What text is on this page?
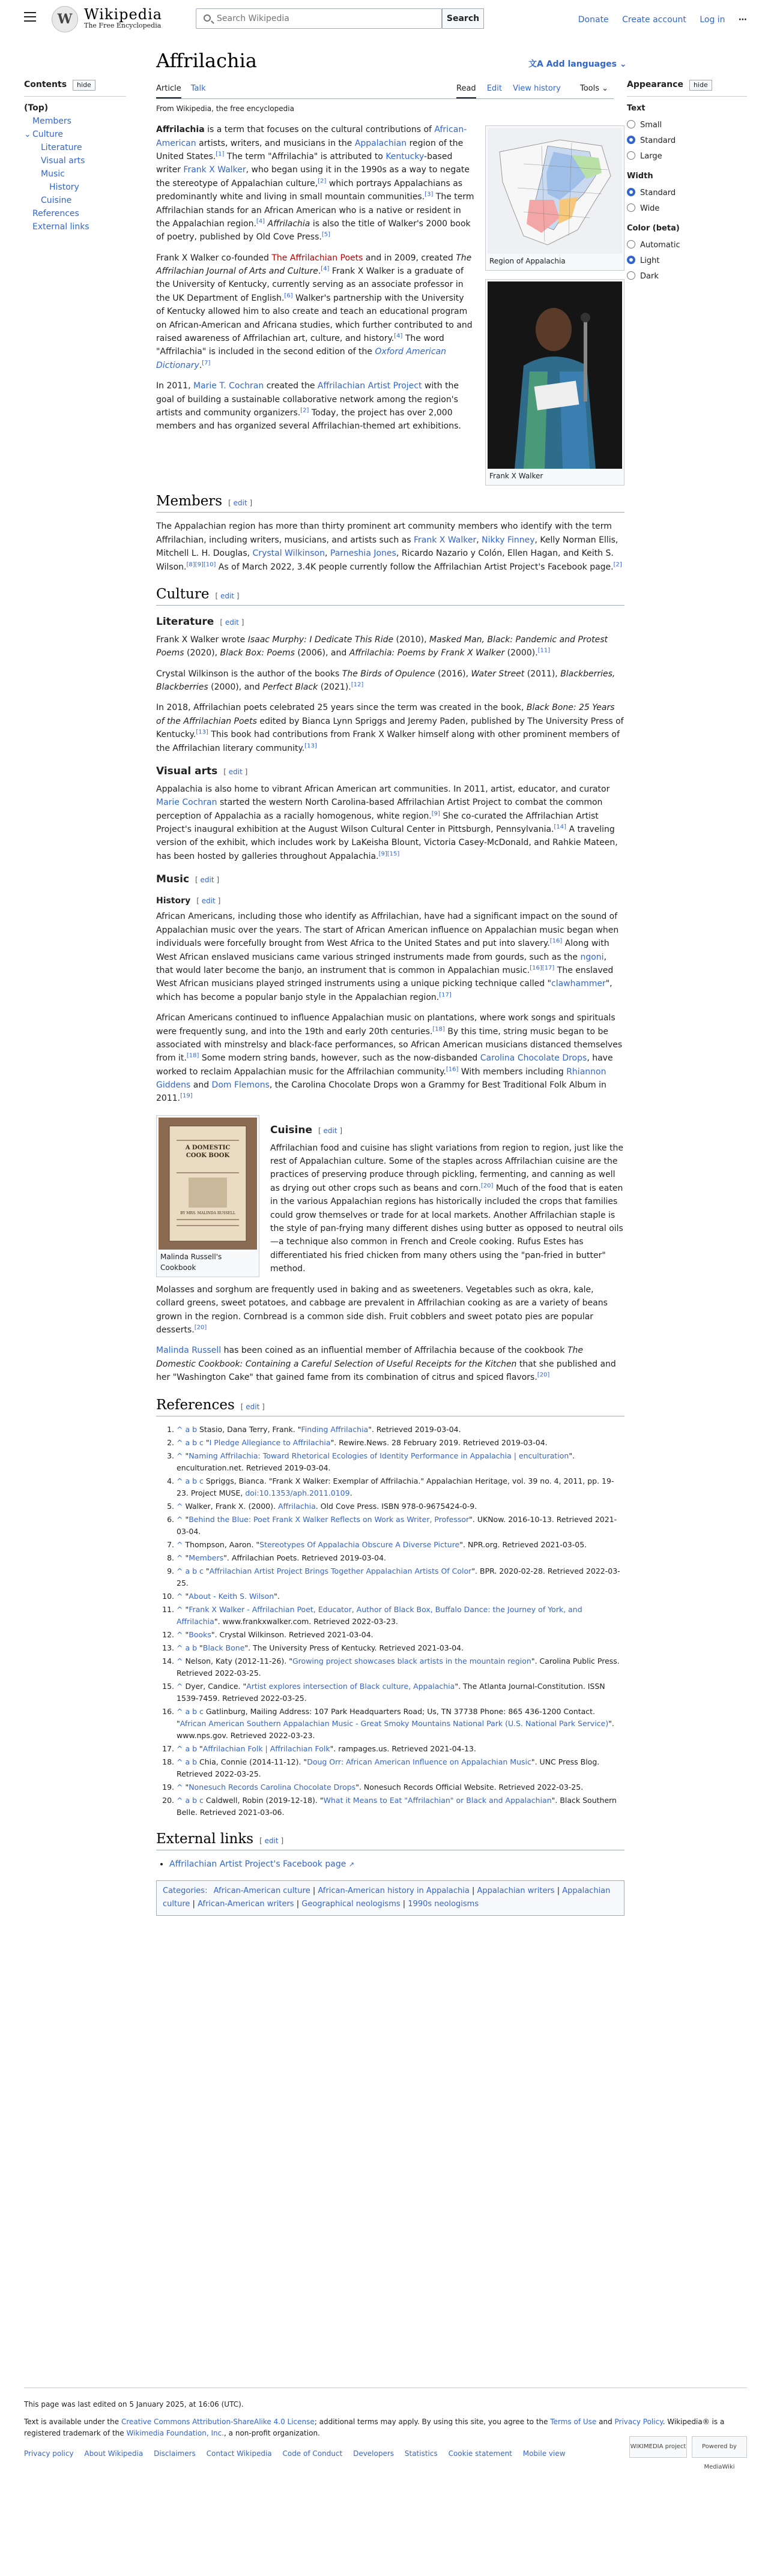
W Wikipedia
The Free Encyclopedia
Search Wikipedia
Search	Donate Create account Log in ⋯
Contents hide
(Top)
Members
⌄ Culture
Literature
Visual arts
Music
History
Cuisine
References
External links
Affrilachia	文A Add languages ⌄
Article Talk	Read Edit View history Tools ⌄ Appearance hide
Text
Small
Standard
Large
Width
Standard
Wide
Color (beta)
Automatic
Light
Dark
From Wikipedia, the free encyclopedia
Region of Appalachia

Affrilachia is a term that focuses on the cultural contributions of African-American artists, writers, and musicians in the Appalachian region of the United States.[1] The term "Affrilachia" is attributed to Kentucky-based writer Frank X Walker, who began using it in the 1990s as a way to negate the stereotype of Appalachian culture,[2] which portrays Appalachians as predominantly white and living in small mountain communities.[3] The term Affrilachian stands for an African American who is a native or resident in the Appalachian region.[4] Affrilachia is also the title of Walker's 2000 book of poetry, published by Old Cove Press.[5]

Frank X Walker

Frank X Walker co-founded The Affrilachian Poets and in 2009, created The Affrilachian Journal of Arts and Culture.[4] Frank X Walker is a graduate of the University of Kentucky, currently serving as an associate professor in the UK Department of English.[6] Walker's partnership with the University of Kentucky allowed him to also create and teach an educational program on African-American and Africana studies, which further contributed to and raised awareness of Affrilachian art, culture, and history.[4] The word "Affrilachia" is included in the second edition of the Oxford American Dictionary.[7]

In 2011, Marie T. Cochran created the Affrilachian Artist Project with the goal of building a sustainable collaborative network among the region's artists and community organizers.[2] Today, the project has over 2,000 members and has organized several Affrilachian-themed art exhibitions.

Members [ edit ]

The Appalachian region has more than thirty prominent art community members who identify with the term Affrilachian, including writers, musicians, and artists such as Frank X Walker, Nikky Finney, Kelly Norman Ellis, Mitchell L. H. Douglas, Crystal Wilkinson, Parneshia Jones, Ricardo Nazario y Colón, Ellen Hagan, and Keith S. Wilson.[8][9][10] As of March 2022, 3.4K people currently follow the Affrilachian Artist Project's Facebook page.[2]

Culture [ edit ]
Literature [ edit ]

Frank X Walker wrote Isaac Murphy: I Dedicate This Ride (2010), Masked Man, Black: Pandemic and Protest Poems (2020), Black Box: Poems (2006), and Affrilachia: Poems by Frank X Walker (2000).[11]

Crystal Wilkinson is the author of the books The Birds of Opulence (2016), Water Street (2011), Blackberries, Blackberries (2000), and Perfect Black (2021).[12]

In 2018, Affrilachian poets celebrated 25 years since the term was created in the book, Black Bone: 25 Years of the Affrilachian Poets edited by Bianca Lynn Spriggs and Jeremy Paden, published by The University Press of Kentucky.[13] This book had contributions from Frank X Walker himself along with other prominent members of the Affrilachian literary community.[13]

Visual arts [ edit ]

Appalachia is also home to vibrant African American art communities. In 2011, artist, educator, and curator Marie Cochran started the western North Carolina-based Affrilachian Artist Project to combat the common perception of Appalachia as a racially homogenous, white region.[9] She co-curated the Affrilachian Artist Project's inaugural exhibition at the August Wilson Cultural Center in Pittsburgh, Pennsylvania.[14] A traveling version of the exhibit, which includes work by LaKeisha Blount, Victoria Casey-McDonald, and Rahkie Mateen, has been hosted by galleries throughout Appalachia.[9][15]

Music [ edit ]
History [ edit ]

African Americans, including those who identify as Affrilachian, have had a significant impact on the sound of Appalachian music over the years. The start of African American influence on Appalachian music began when individuals were forcefully brought from West Africa to the United States and put into slavery.[16] Along with West African enslaved musicians came various stringed instruments made from gourds, such as the ngoni, that would later become the banjo, an instrument that is common in Appalachian music.[16][17] The enslaved West African musicians played stringed instruments using a unique picking technique called "clawhammer", which has become a popular banjo style in the Appalachian region.[17]

African Americans continued to influence Appalachian music on plantations, where work songs and spirituals were frequently sung, and into the 19th and early 20th centuries.[18] By this time, string music began to be associated with minstrelsy and black-face performances, so African American musicians distanced themselves from it.[18] Some modern string bands, however, such as the now-disbanded Carolina Chocolate Drops, have worked to reclaim Appalachian music for the Affrilachian community.[16] With members including Rhiannon Giddens and Dom Flemons, the Carolina Chocolate Drops won a Grammy for Best Traditional Folk Album in 2011.[19]

A DOMESTIC COOK BOOK
BY MRS. MALINDA RUSSELL
Malinda Russell's Cookbook
Cuisine [ edit ]

Affrilachian food and cuisine has slight variations from region to region, just like the rest of Appalachian culture. Some of the staples across Affrilachian cuisine are the practices of preserving produce through pickling, fermenting, and canning as well as drying out other crops such as beans and corn.[20] Much of the food that is eaten in the various Appalachian regions has historically included the crops that families could grow themselves or trade for at local markets. Another Affrilachian staple is the style of pan-frying many different dishes using butter as opposed to neutral oils—a technique also common in French and Creole cooking. Rufus Estes has differentiated his fried chicken from many others using the "pan-fried in butter" method.

Molasses and sorghum are frequently used in baking and as sweeteners. Vegetables such as okra, kale, collard greens, sweet potatoes, and cabbage are prevalent in Affrilachian cooking as are a variety of beans grown in the region. Cornbread is a common side dish. Fruit cobblers and sweet potato pies are popular desserts.[20]

Malinda Russell has been coined as an influential member of Affrilachia because of the cookbook The Domestic Cookbook: Containing a Careful Selection of Useful Receipts for the Kitchen that she published and her "Washington Cake" that gained fame from its combination of citrus and spiced flavors.[20]

References [ edit ]
1. ^ a b Stasio, Dana Terry, Frank. "Finding Affrilachia". Retrieved 2019-03-04.
2. ^ a b c "I Pledge Allegiance to Affrilachia". Rewire.News. 28 February 2019. Retrieved 2019-03-04.
3. ^ "Naming Affrilachia: Toward Rhetorical Ecologies of Identity Performance in Appalachia | enculturation". enculturation.net. Retrieved 2019-03-04.
4. ^ a b c Spriggs, Bianca. "Frank X Walker: Exemplar of Affrilachia." Appalachian Heritage, vol. 39 no. 4, 2011, pp. 19-23. Project MUSE, doi:10.1353/aph.2011.0109.
5. ^ Walker, Frank X. (2000). Affrilachia. Old Cove Press. ISBN 978-0-9675424-0-9.
6. ^ "Behind the Blue: Poet Frank X Walker Reflects on Work as Writer, Professor". UKNow. 2016-10-13. Retrieved 2021-03-04.
7. ^ Thompson, Aaron. "Stereotypes Of Appalachia Obscure A Diverse Picture". NPR.org. Retrieved 2021-03-05.
8. ^ "Members". Affrilachian Poets. Retrieved 2019-03-04.
9. ^ a b c "Affrilachian Artist Project Brings Together Appalachian Artists Of Color". BPR. 2020-02-28. Retrieved 2022-03-25.
10. ^ "About - Keith S. Wilson".
11. ^ "Frank X Walker - Affrilachian Poet, Educator, Author of Black Box, Buffalo Dance: the Journey of York, and Affrilachia". www.frankxwalker.com. Retrieved 2022-03-23.
12. ^ "Books". Crystal Wilkinson. Retrieved 2021-03-04.
13. ^ a b "Black Bone". The University Press of Kentucky. Retrieved 2021-03-04.
14. ^ Nelson, Katy (2012-11-26). "Growing project showcases black artists in the mountain region". Carolina Public Press. Retrieved 2022-03-25.
15. ^ Dyer, Candice. "Artist explores intersection of Black culture, Appalachia". The Atlanta Journal-Constitution. ISSN 1539-7459. Retrieved 2022-03-25.
16. ^ a b c Gatlinburg, Mailing Address: 107 Park Headquarters Road; Us, TN 37738 Phone: 865 436-1200 Contact. "African American Southern Appalachian Music - Great Smoky Mountains National Park (U.S. National Park Service)". www.nps.gov. Retrieved 2022-03-23.
17. ^ a b "Affrilachian Folk | Affrilachian Folk". rampages.us. Retrieved 2021-04-13.
18. ^ a b Chia, Connie (2014-11-12). "Doug Orr: African American Influence on Appalachian Music". UNC Press Blog. Retrieved 2022-03-25.
19. ^ "Nonesuch Records Carolina Chocolate Drops". Nonesuch Records Official Website. Retrieved 2022-03-25.
20. ^ a b c Caldwell, Robin (2019-12-18). "What it Means to Eat "Affrilachian" or Black and Appalachian". Black Southern Belle. Retrieved 2021-03-06.
External links [ edit ]
• Affrilachian Artist Project's Facebook page ↗
Categories: African-American culture | African-American history in Appalachia | Appalachian writers | Appalachian culture | African-American writers | Geographical neologisms | 1990s neologisms

This page was last edited on 5 January 2025, at 16:06 (UTC).

Text is available under the Creative Commons Attribution-ShareAlike 4.0 License; additional terms may apply. By using this site, you agree to the Terms of Use and Privacy Policy. Wikipedia® is a registered trademark of the Wikimedia Foundation, Inc., a non-profit organization.

Privacy policy About Wikipedia Disclaimers Contact Wikipedia Code of Conduct Developers Statistics Cookie statement Mobile view
WIKIMEDIA project	Powered by MediaWiki
